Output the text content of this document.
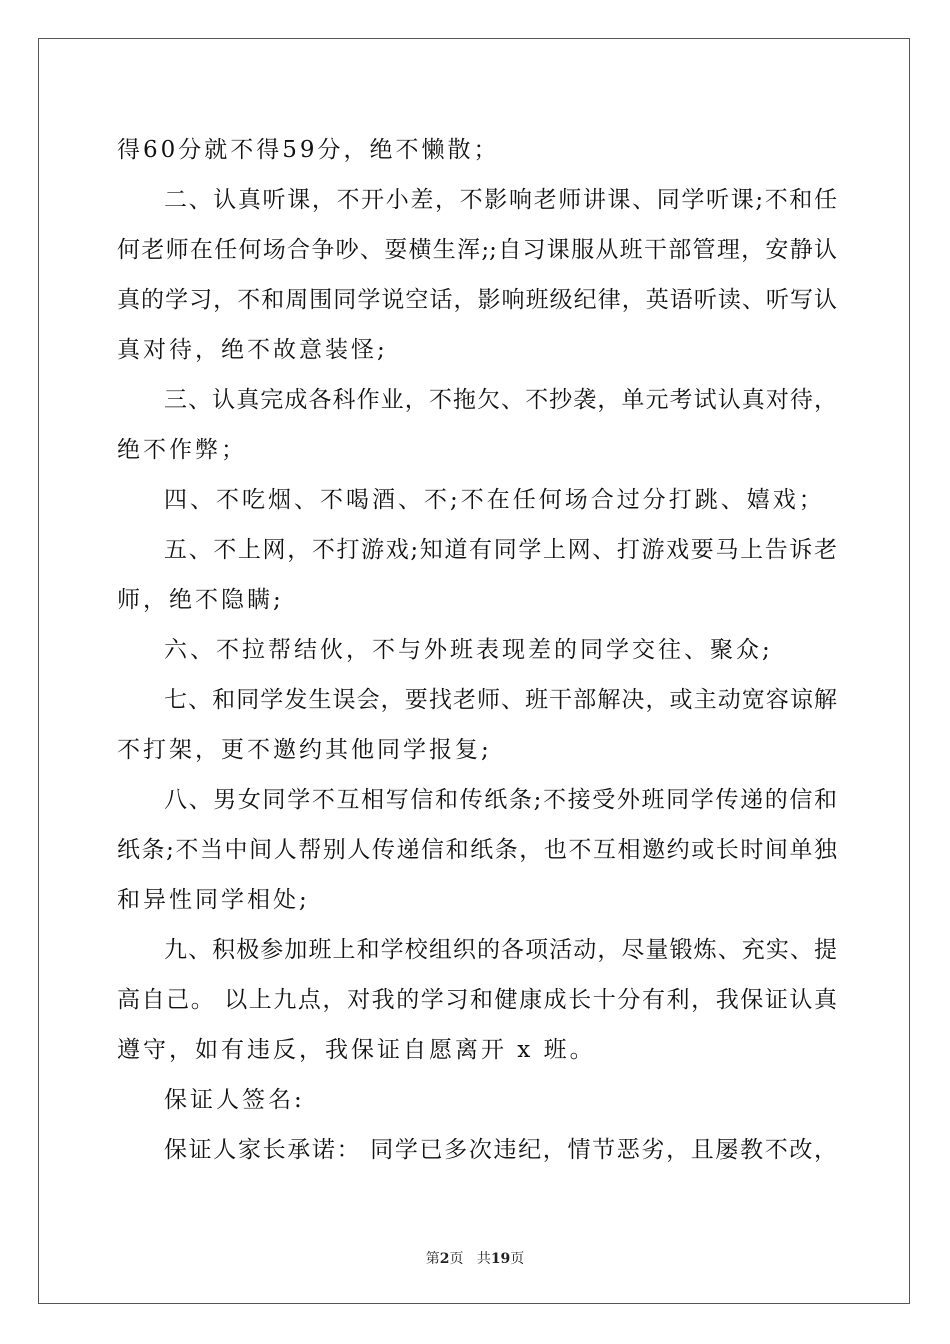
得60分就不得59分，绝不懒散；
二、认真听课，不开小差，不影响老师讲课、同学听课;不和任
何老师在任何场合争吵、耍横生浑;;自习课服从班干部管理，安静认
真的学习，不和周围同学说空话，影响班级纪律，英语听读、听写认
真对待，绝不故意装怪;
三、认真完成各科作业，不拖欠、不抄袭，单元考试认真对待，
绝不作弊；
四、不吃烟、不喝酒、不;不在任何场合过分打跳、嬉戏；
五、不上网，不打游戏;知道有同学上网、打游戏要马上告诉老
师，绝不隐瞒;
六、不拉帮结伙，不与外班表现差的同学交往、聚众;
七、和同学发生误会，要找老师、班干部解决，或主动宽容谅解
不打架，更不邀约其他同学报复;
八、男女同学不互相写信和传纸条;不接受外班同学传递的信和
纸条;不当中间人帮别人传递信和纸条，也不互相邀约或长时间单独
和异性同学相处;
九、积极参加班上和学校组织的各项活动，尽量锻炼、充实、提
高自己。 以上九点，对我的学习和健康成长十分有利，我保证认真
遵守，如有违反，我保证自愿离开 x 班。
保证人签名:
保证人家长承诺： 同学已多次违纪，情节恶劣，且屡教不改，
第2页 共19页
